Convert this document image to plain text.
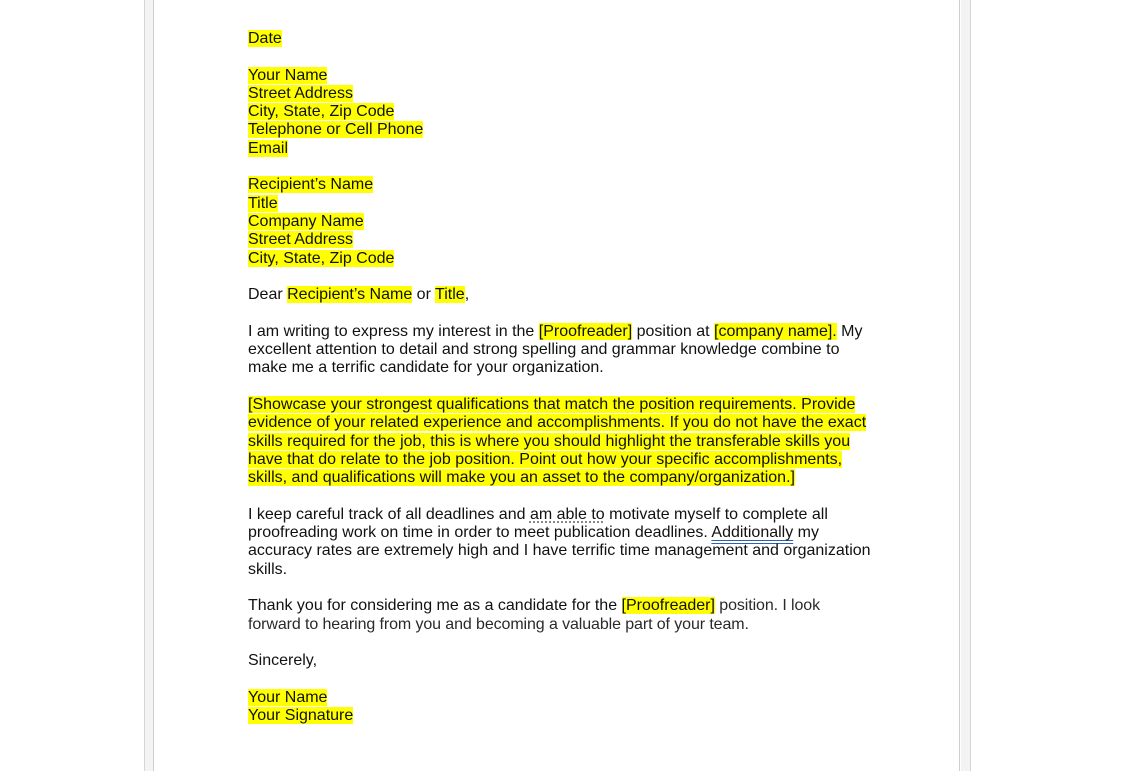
Date
Your Name
Street Address
City, State, Zip Code
Telephone or Cell Phone
Email
Recipient’s Name
Title
Company Name
Street Address
City, State, Zip Code
Dear Recipient’s Name or Title,
I am writing to express my interest in the [Proofreader] position at [company name]. My
excellent attention to detail and strong spelling and grammar knowledge combine to
make me a terrific candidate for your organization.
[Showcase your strongest qualifications that match the position requirements. Provide
evidence of your related experience and accomplishments. If you do not have the exact
skills required for the job, this is where you should highlight the transferable skills you
have that do relate to the job position. Point out how your specific accomplishments,
skills, and qualifications will make you an asset to the company/organization.]
I keep careful track of all deadlines and am able to motivate myself to complete all
proofreading work on time in order to meet publication deadlines. Additionally my
accuracy rates are extremely high and I have terrific time management and organization
skills.
Thank you for considering me as a candidate for the [Proofreader] position. I look
forward to hearing from you and becoming a valuable part of your team.
Sincerely,
Your Name
Your Signature
